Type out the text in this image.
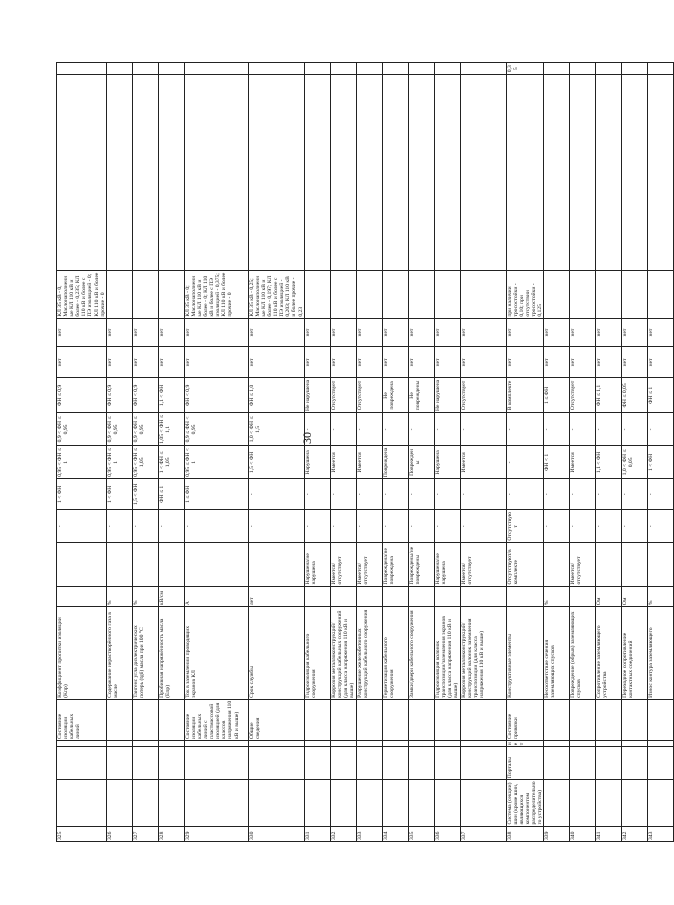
30
325				Состояние изоляции кабельных линий	Коэффициент пропитки изоляции (Kпр)			-	1 < ФН	0,95 < ФН ≤ 1	0,9 < ФН ≤ 0,95	ФН ≤ 0,9	нет	нет	КЛ 35 кВ - 0, Маслонаполненные КЛ 110 кВ и более - 0,235; КЛ 110 кВ и более с ПЭ изоляцией - 0; КЛ 110 кВ и более прочие - 0		
326					Содержание нерастворённого газа в масле	%		-	1 < ФН	0,95 < ФН ≤ 1	0,9 < ФН ≤ 0,95	ФН ≤ 0,9	нет	нет			
327					Тангенс угла диэлектрических потерь (tgδ) масла при 100 °С	%		-	1,5 < ФН	0,95 < ФН ≤ 1,05	0,9 < ФН ≤ 0,95	ФН < 0,9	нет	нет			
328					Пробивная напряжённость масла (Eпр)	кВ/см		-	ФН ≤ 1	1 < ФН ≤ 1,05	1,05 < ФН ≤ 1,1	1,1 < ФН	нет	нет			
329				Состояние изоляции кабельных линий с пластмассовой изоляцией (для классов напряжения 110 кВ и выше)	Ток в заземлении проводящих экранов КЛ	А		-	1 ≤ ФН	0,95 ≤ ФН < 1	0,9 ≤ ФН < 0,95	ФН < 0,9	нет	нет	КЛ 35 кВ - 0; Маслонаполненные КЛ 110 кВ и более - 0; КЛ 110 кВ и более с ПЭ изоляцией - 0,375; КЛ 110 кВ и более прочие - 0		
330				Общие сведения	Срок службы	лет		-	-	1,5 < ФН	1,0 < ФН ≤ 1,5	ФН ≤ 1,0	нет	нет	КЛ 35 кВ - 0,25; Маслонаполненные КЛ 110 кВ и более - 0,197; КЛ 110 кВ и более с ПЭ изоляцией - 0,203; КЛ 110 кВ и более прочие - 0,23		
331					Гидроизоляция кабельного сооружения		Нарушена/не нарушена	-	-	Нарушена	-	Не нарушена	нет	нет			
332					Коррозия металлоконструкций/конструкций кабельных сооружений (для класса напряжения 110 кВ и выше)		Имеется/отсутствует	-	-	Имеется	-	Отсутствует	нет	нет			
333					Разрушение железобетонных конструкций кабельного сооружения		Имеется/отсутствует	-	-	Имеется	-	Отсутствует	нет	нет			
334					Герметизация кабельного сооружения		Повреждена/не повреждена	-	-	Повреждена	-	Не повреждена	нет	нет			
335					Замки/двери кабельного сооружения		Повреждены/не повреждены	-	-	Повреждены	-	Не повреждены	нет	нет			
336					Гидроизоляция колонок транспозиции/заземления экранов (для класса напряжения 110 кВ и выше)		Нарушена/не нарушена	-	-	Нарушена	-	Не нарушена	нет	нет			
337					Коррозия металлоконструкций/конструкций колонок заземления транспозиции (для класса напряжения 110 кВ и выше)		Имеется/отсутствует	-	-	Имеется	-	Отсутствует	нет	нет			
338	Система (секции) шин (кроме шин, являющихся компонентом распределительного устройства)	Порталы	нет	Состояние привязки	Конструктивные элементы		Отсутствуют/в комплекте	Отсутствуют	-	-	-	В комплекте	нет	нет	при наличии тросостойки - 0,10; при отсутствии тросостойки - 0,125		0,35
339					Несоответствие сечения заземляющих спусков	%		-	-	ФН < 1	-	1 ≤ ФН	нет	нет			
340					Повреждение (обрыв) заземляющих спусков		Имеется/отсутствует	-	-	Имеется	-	Отсутствует	нет	нет			
341					Сопротивление заземляющего устройства	Ом		-	-	1,1 < ФН	-	ФН ≤ 1,1	нет	нет			
342					Переходное сопротивление контактных соединений	Ом		-	-	1,0 < ФН ≤ 0,05	-	ФН ≤ 0,05	нет	нет			
343					Износ контура заземляющего	%		-	-	1 < ФН	-	ФН ≤ 1	нет	нет			
